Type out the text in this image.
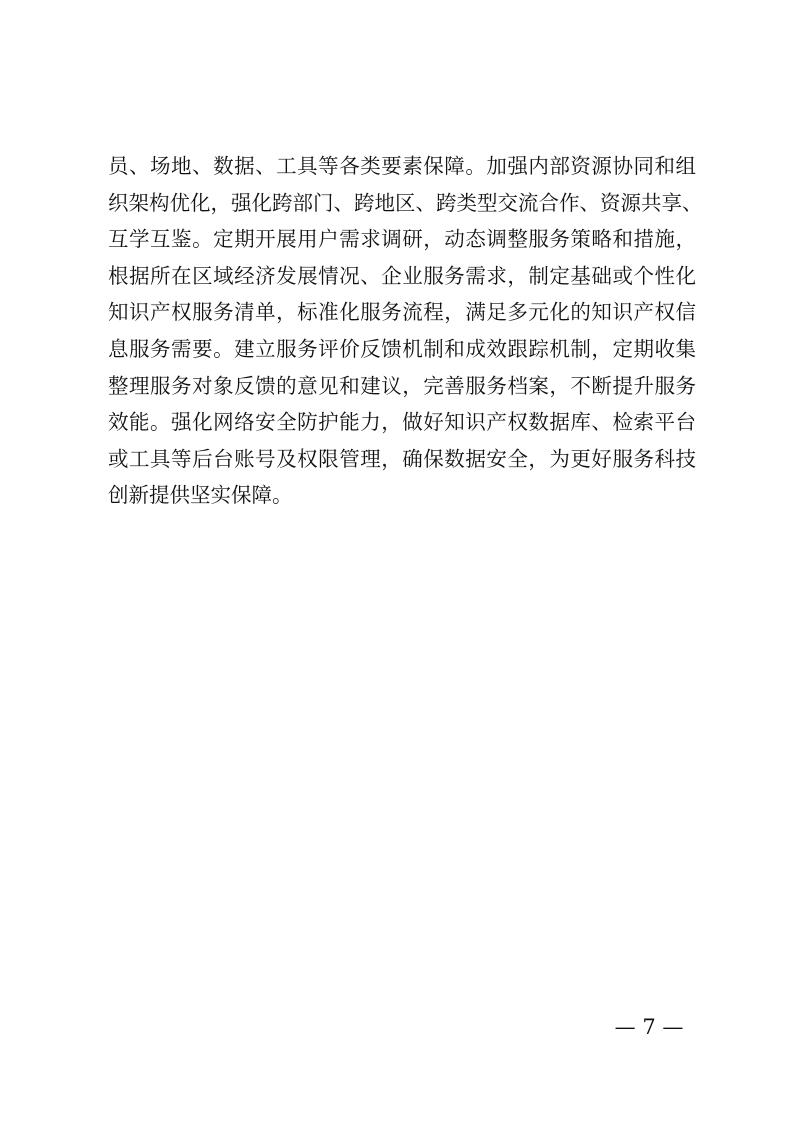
员、场地、数据、工具等各类要素保障。加强内部资源协同和组
织架构优化，强化跨部门、跨地区、跨类型交流合作、资源共享、
互学互鉴。定期开展用户需求调研，动态调整服务策略和措施，
根据所在区域经济发展情况、企业服务需求，制定基础或个性化
知识产权服务清单，标准化服务流程，满足多元化的知识产权信
息服务需要。建立服务评价反馈机制和成效跟踪机制，定期收集
整理服务对象反馈的意见和建议，完善服务档案，不断提升服务
效能。强化网络安全防护能力，做好知识产权数据库、检索平台
或工具等后台账号及权限管理，确保数据安全，为更好服务科技
创新提供坚实保障。
— 7 —
